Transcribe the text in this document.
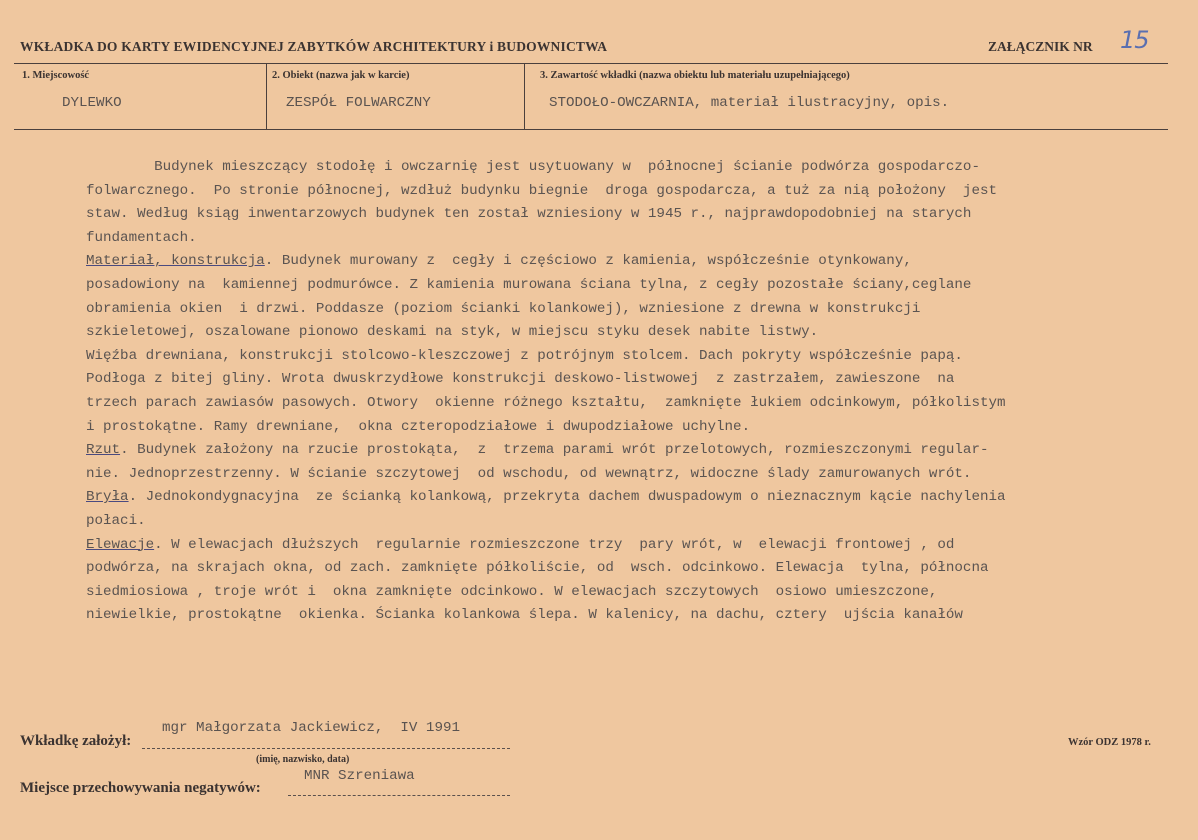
WKŁADKA DO KARTY EWIDENCYJNEJ ZABYTKÓW ARCHITEKTURY i BUDOWNICTWA	ZAŁĄCZNIK NR 15
1. Miejscowość
DYLEWKO
2. Obiekt (nazwa jak w karcie)
ZESPÓŁ FOLWARCZNY
3. Zawartość wkładki (nazwa obiektu lub materiału uzupełniającego)
STODOŁO-OWCZARNIA, materiał ilustracyjny, opis.
Budynek mieszczący stodołę i owczarnię jest usytuowany w  północnej ścianie podwórza gospodarczo-
folwarcznego.  Po stronie północnej, wzdłuż budynku biegnie  droga gospodarcza, a tuż za nią położony  jest
staw. Według ksiąg inwentarzowych budynek ten został wzniesiony w 1945 r., najprawdopodobniej na starych
fundamentach.
Materiał, konstrukcja. Budynek murowany z  cegły i częściowo z kamienia, współcześnie otynkowany,
posadowiony na  kamiennej podmurówce. Z kamienia murowana ściana tylna, z cegły pozostałe ściany,ceglane
obramienia okien  i drzwi. Poddasze (poziom ścianki kolankowej), wzniesione z drewna w konstrukcji
szkieletowej, oszalowane pionowo deskami na styk, w miejscu styku desek nabite listwy.
Więźba drewniana, konstrukcji stolcowo-kleszczowej z potrójnym stolcem. Dach pokryty współcześnie papą.
Podłoga z bitej gliny. Wrota dwuskrzydłowe konstrukcji deskowo-listwowej  z zastrzałem, zawieszone  na
trzech parach zawiasów pasowych. Otwory  okienne różnego kształtu,  zamknięte łukiem odcinkowym, półkolistym
i prostokątne. Ramy drewniane,  okna czteropodziałowe i dwupodziałowe uchylne.
Rzut. Budynek założony na rzucie prostokąta,  z  trzema parami wrót przelotowych, rozmieszczonymi regular-
nie. Jednoprzestrzenny. W ścianie szczytowej  od wschodu, od wewnątrz, widoczne ślady zamurowanych wrót.
Bryła. Jednokondygnacyjna  ze ścianką kolankową, przekryta dachem dwuspadowym o nieznacznym kącie nachylenia
połaci.
Elewacje. W elewacjach dłuższych  regularnie rozmieszczone trzy  pary wrót, w  elewacji frontowej , od
podwórza, na skrajach okna, od zach. zamknięte półkoliście, od  wsch. odcinkowo. Elewacja  tylna, północna
siedmiosiowa , troje wrót i  okna zamknięte odcinkowo. W elewacjach szczytowych  osiowo umieszczone,
niewielkie, prostokątne  okienka. Ścianka kolankowa ślepa. W kalenicy, na dachu, cztery  ujścia kanałów
Wkładkę założył:
mgr Małgorzata Jackiewicz,  IV 1991
(imię, nazwisko, data)
Miejsce przechowywania negatywów:
MNR Szreniawa
Wzór ODZ 1978 r.
